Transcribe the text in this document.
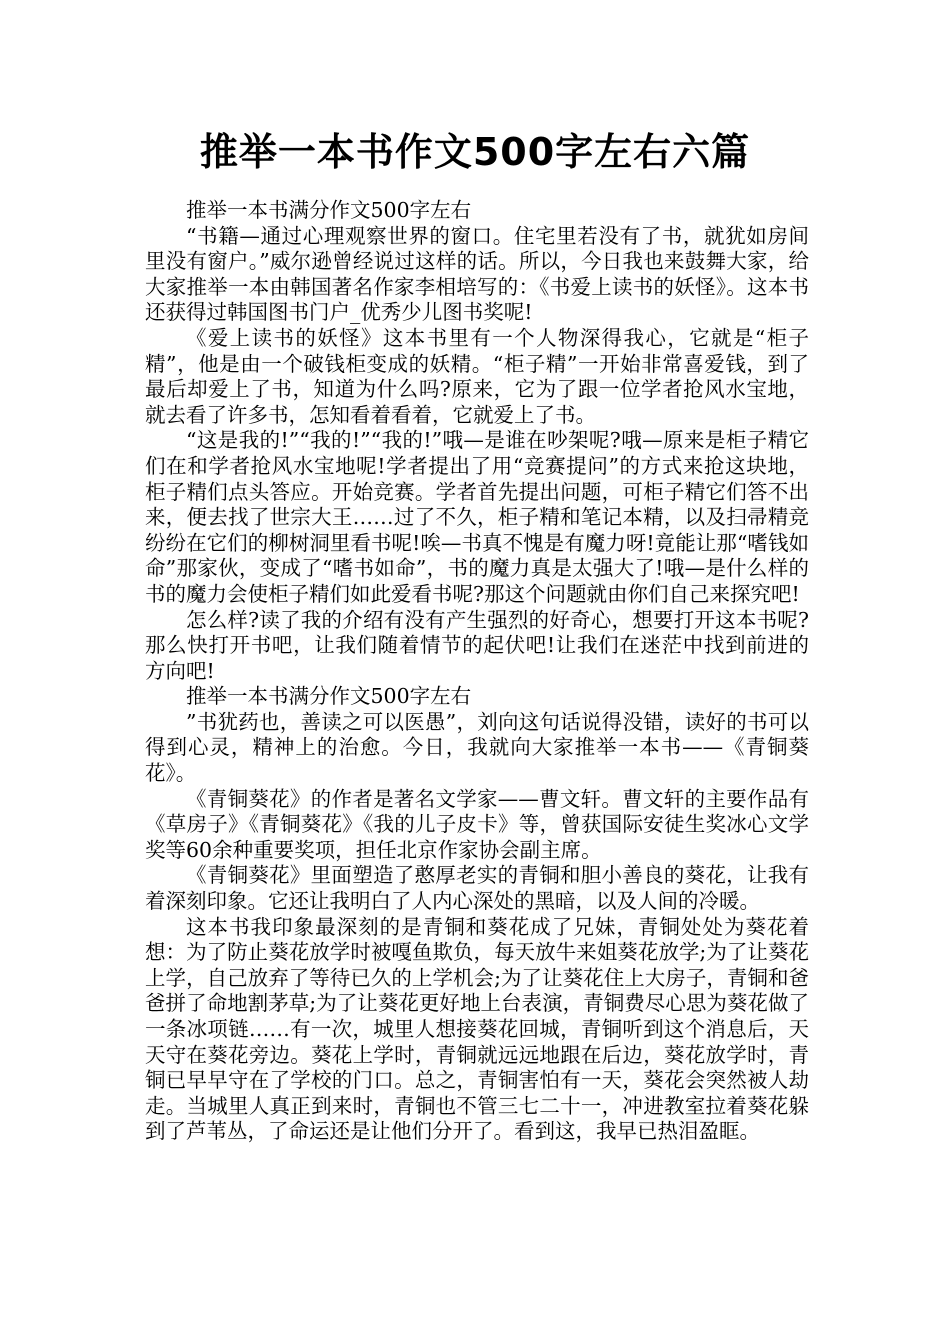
推举一本书作文500字左右六篇

推举一本书满分作文500字左右

“书籍—通过心理观察世界的窗口。住宅里若没有了书，就犹如房间里没有窗户。”威尔逊曾经说过这样的话。所以，今日我也来鼓舞大家，给大家推举一本由韩国著名作家李相培写的：《书爱上读书的妖怪》。这本书还获得过韩国图书门户_优秀少儿图书奖呢!

《爱上读书的妖怪》这本书里有一个人物深得我心，它就是“柜子精”，他是由一个破钱柜变成的妖精。“柜子精”一开始非常喜爱钱，到了最后却爱上了书，知道为什么吗?原来，它为了跟一位学者抢风水宝地，就去看了许多书，怎知看着看着，它就爱上了书。

“这是我的!”“我的!”“我的!”哦—是谁在吵架呢?哦—原来是柜子精它们在和学者抢风水宝地呢!学者提出了用“竞赛提问”的方式来抢这块地，柜子精们点头答应。开始竞赛。学者首先提出问题，可柜子精它们答不出来，便去找了世宗大王……过了不久，柜子精和笔记本精，以及扫帚精竞纷纷在它们的柳树洞里看书呢!唉—书真不愧是有魔力呀!竟能让那“嗜钱如命”那家伙，变成了“嗜书如命”，书的魔力真是太强大了!哦—是什么样的书的魔力会使柜子精们如此爱看书呢?那这个问题就由你们自己来探究吧!

怎么样?读了我的介绍有没有产生强烈的好奇心，想要打开这本书呢?那么快打开书吧，让我们随着情节的起伏吧!让我们在迷茫中找到前进的方向吧!

推举一本书满分作文500字左右

”书犹药也，善读之可以医愚”，刘向这句话说得没错，读好的书可以得到心灵，精神上的治愈。今日，我就向大家推举一本书——《青铜葵花》。

《青铜葵花》的作者是著名文学家——曹文轩。曹文轩的主要作品有《草房子》《青铜葵花》《我的儿子皮卡》等，曾获国际安徒生奖冰心文学奖等60余种重要奖项，担任北京作家协会副主席。

《青铜葵花》里面塑造了憨厚老实的青铜和胆小善良的葵花，让我有着深刻印象。它还让我明白了人内心深处的黑暗，以及人间的冷暖。

这本书我印象最深刻的是青铜和葵花成了兄妹，青铜处处为葵花着想：为了防止葵花放学时被嘎鱼欺负，每天放牛来姐葵花放学;为了让葵花上学，自己放弃了等待已久的上学机会;为了让葵花住上大房子，青铜和爸爸拼了命地割茅草;为了让葵花更好地上台表演，青铜费尽心思为葵花做了一条冰项链……有一次，城里人想接葵花回城，青铜听到这个消息后，天天守在葵花旁边。葵花上学时，青铜就远远地跟在后边，葵花放学时，青铜已早早守在了学校的门口。总之，青铜害怕有一天，葵花会突然被人劫走。当城里人真正到来时，青铜也不管三七二十一，冲进教室拉着葵花躲到了芦苇丛，了命运还是让他们分开了。看到这，我早已热泪盈眶。
